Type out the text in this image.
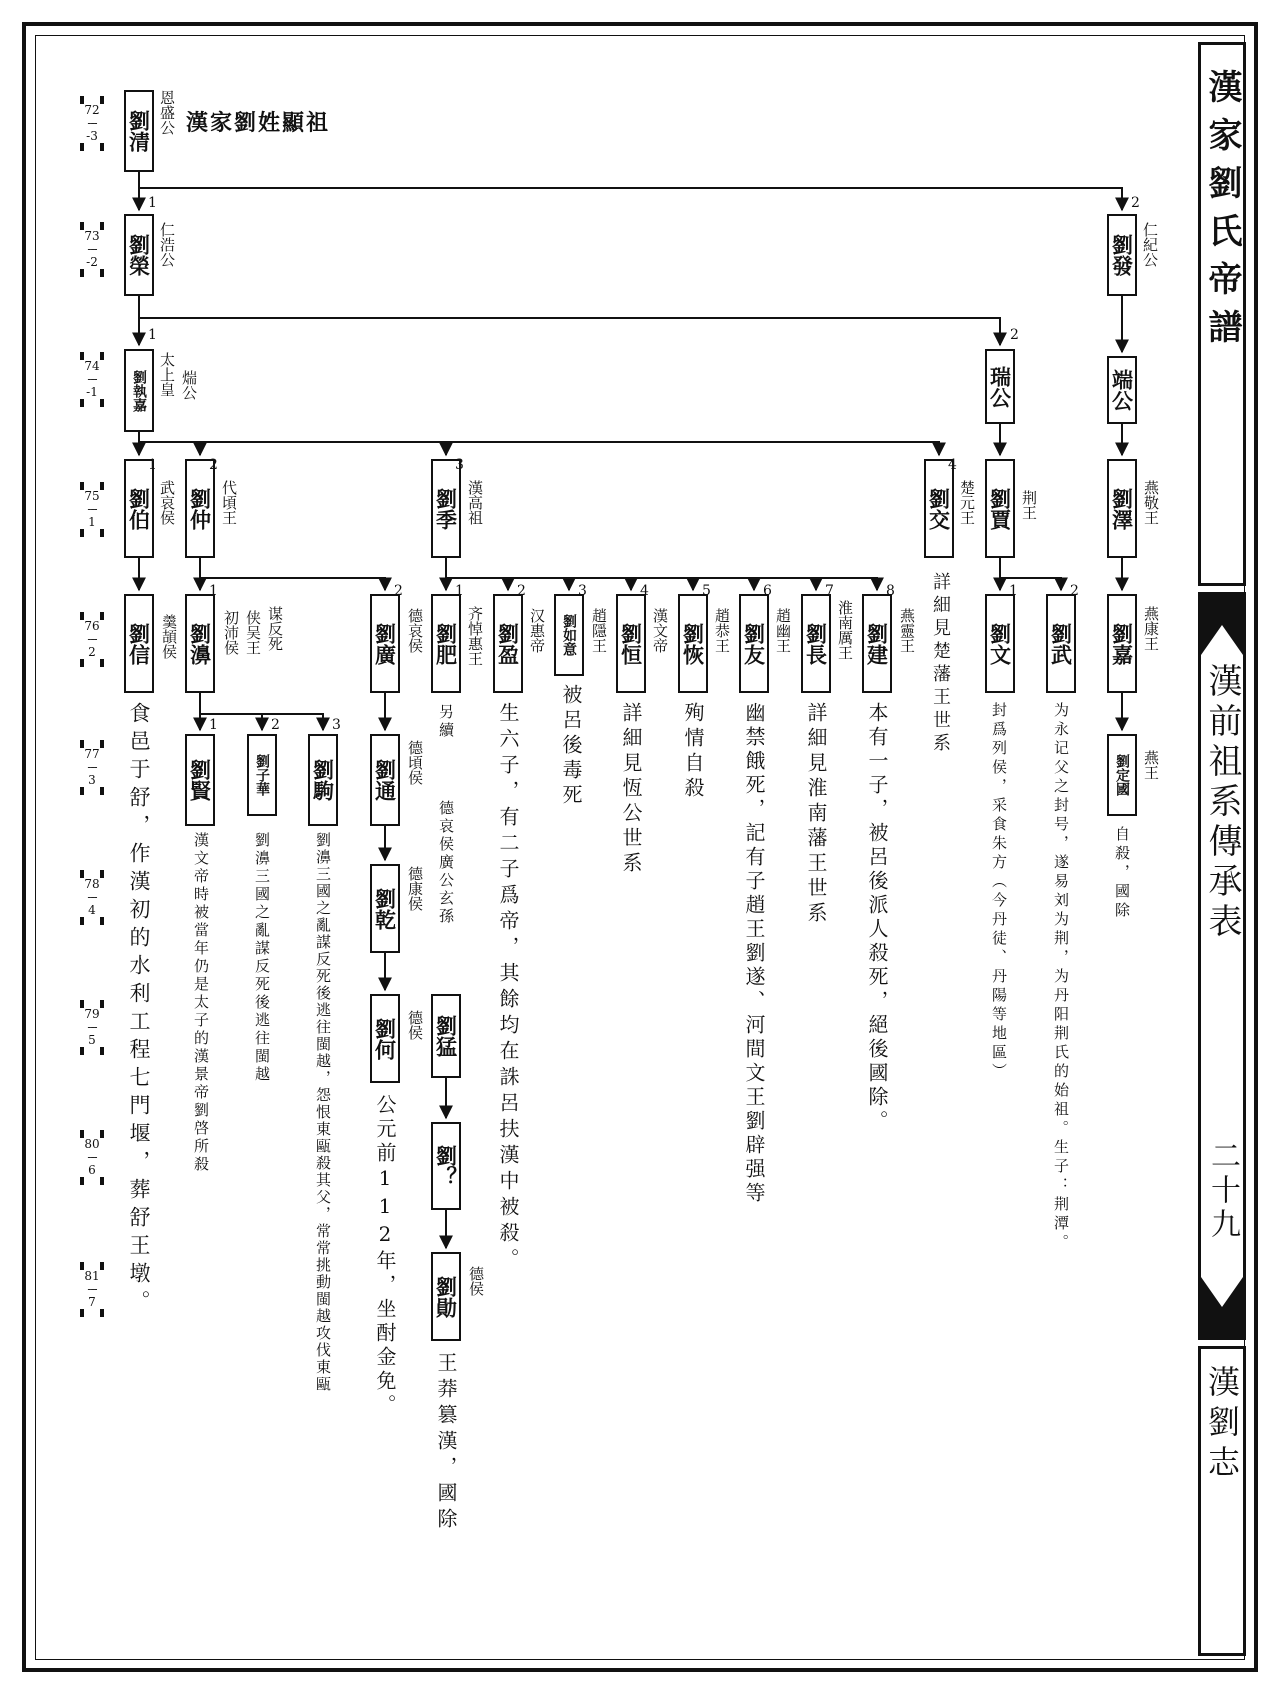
漢家劉氏帝譜
漢前祖系傳承表
二十九
漢劉志
漢家劉姓顯祖
72
---
-3
73
---
-2
74
---
-1
75
---
1
76
---
2
77
---
3
78
---
4
79
---
5
80
---
6
81
---
7
劉清 恩盛公
劉榮 仁浩公
1
劉發 仁紀公
2
劉執嘉 太上皇 煓公
1
瑞公
2
端公
劉伯 武哀侯
1
劉仲 代頃王
2
劉季 漢高祖
3
劉交 楚元王
4
劉賈 荆王	劉澤 燕敬王
詳細見楚藩王世系
劉信 羹頡侯
食邑于舒，作漢初的水利工程七門堰，葬舒王墩。
劉濞
1
初沛侯 侠吴王 谋反死	劉廣
2
德哀侯 劉肥
1
齐悼惠王
另續
德哀侯廣公玄孫
劉盈
2
汉惠帝
生六子，有二子爲帝，其餘均在誅呂扶漢中被殺。
劉如意
3
趙隱王
被呂後毒死
劉恒
4
漢文帝
詳細見恆公世系
劉恢
5
趙恭王
殉情自殺
劉友
6
趙幽王
幽禁餓死，記有子趙王劉遂、河間文王劉辟强等
劉長
7
淮南厲王
詳細見淮南藩王世系
劉建
8
燕靈王
本有一子，被呂後派人殺死，絕後國除。
劉文
1
封爲列侯，采食朱方（今丹徒、丹陽等地區）
劉武
2
为永记父之封号，遂易刘为荆，为丹阳荆氏的始祖。生子：荆潭。
劉嘉 燕康王
劉賢
1
漢文帝時被當年仍是太子的漢景帝劉啓所殺
劉子華
2
劉濞三國之亂謀反死後逃往閩越
劉駒
3
劉濞三國之亂謀反死後逃往閩越，怨恨東甌殺其父，常常挑動閩越攻伐東甌
劉通 德頃侯	劉定國 燕王
自殺，國除
劉乾 德康侯
劉何 德侯
公元前112年，坐酎金免。
劉猛
劉？
劉勛 德侯
王莽篡漢，國除
